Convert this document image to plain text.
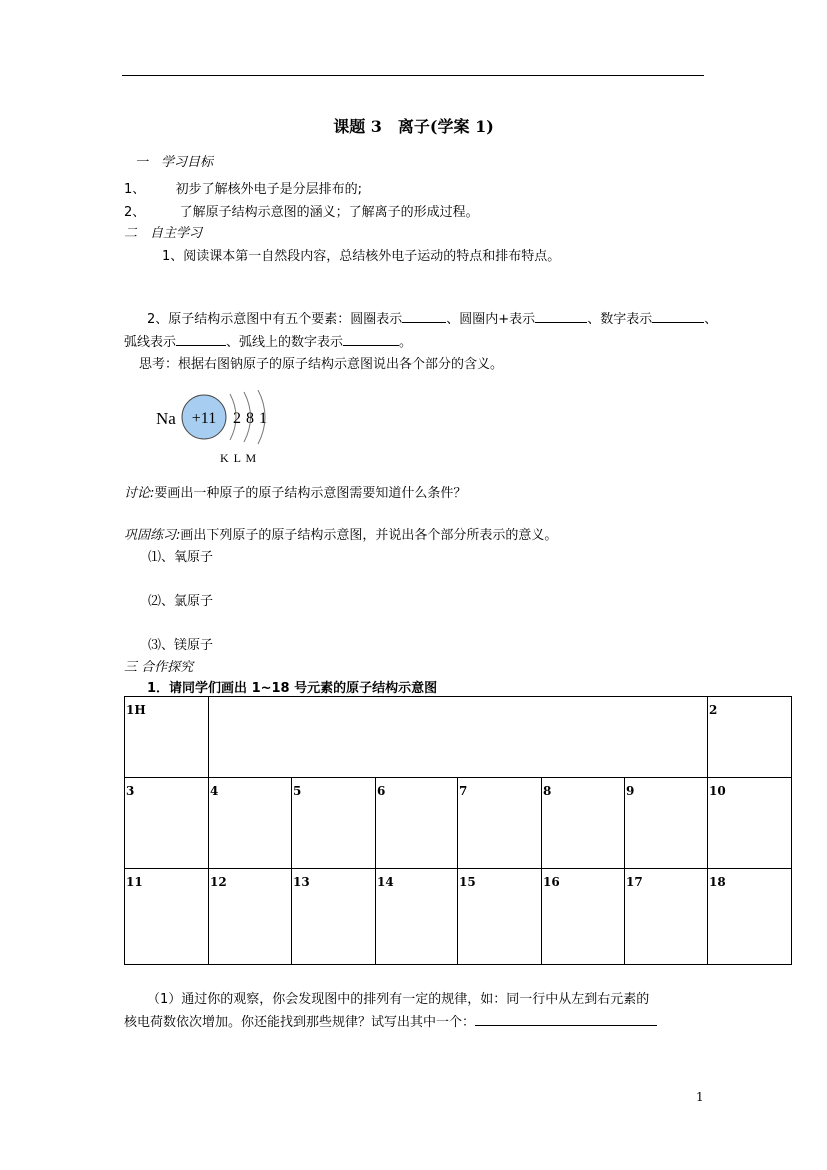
课题 3　离子(学案 1)
一　学习目标
1、 初步了解核外电子是分层排布的;
2、	了解原子结构示意图的涵义；了解离子的形成过程。
二　自主学习
1、阅读课本第一自然段内容，总结核外电子运动的特点和排布特点。
2、原子结构示意图中有五个要素：圆圈表示	、圆圈内+表示	、数字表示	、
弧线表示	、弧线上的数字表示	。
思考：根据右图钠原子的原子结构示意图说出各个部分的含义。
Na +11 2 8 1
K L M
讨论:要画出一种原子的原子结构示意图需要知道什么条件？
巩固练习:画出下列原子的原子结构示意图，并说出各个部分所表示的意义。
⑴、氧原子
⑵、氯原子
⑶、镁原子
三 合作探究
1．请同学们画出 1~18 号元素的原子结构示意图
1H							2
3	4	5	6	7	8	9	10
11	12	13	14	15	16	17	18
（1）通过你的观察，你会发现图中的排列有一定的规律，如：同一行中从左到右元素的
核电荷数依次增加。你还能找到那些规律？试写出其中一个：
1
